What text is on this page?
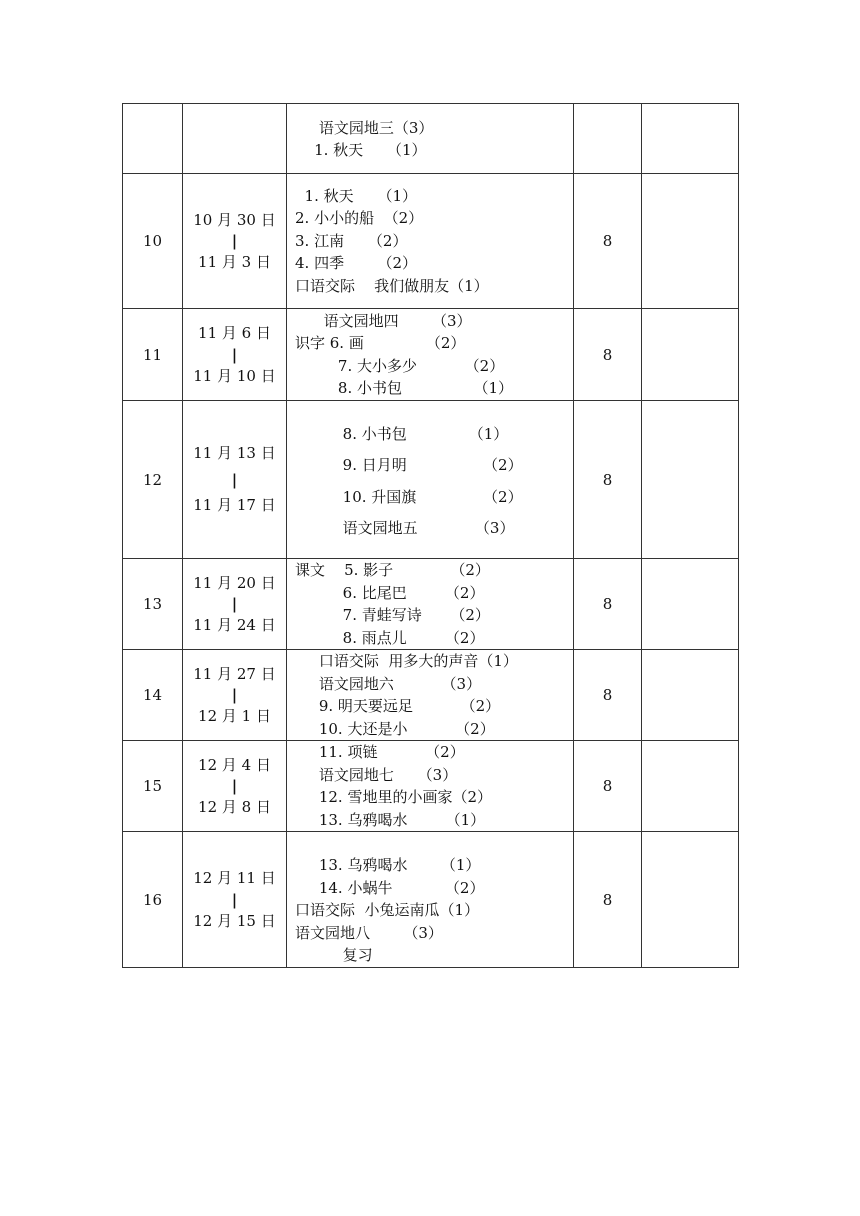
		语文园地三（3）
1. 秋天     （1）		

10	10 月 30 日
|
11 月 3 日	1. 秋天     （1）
2. 小小的船  （2）
3. 江南     （2）
4. 四季       （2）
口语交际    我们做朋友（1）	8	
11	11 月 6 日
|
11 月 10 日	语文园地四       （3）
识字 6. 画             （2）
7. 大小多少          （2）
8. 小书包               （1）	8	
12	11 月 13 日
|
11 月 17 日	8. 小书包             （1）
9. 日月明                （2）
10. 升国旗              （2）
语文园地五            （3）	8	
13	11 月 20 日
|
11 月 24 日	课文    5. 影子            （2）
6. 比尾巴        （2）
7. 青蛙写诗      （2）
8. 雨点儿        （2）	8	
14	11 月 27 日
|
12 月 1 日	口语交际  用多大的声音（1）
语文园地六          （3）
9. 明天要远足          （2）
10. 大还是小          （2）	8	
15	12 月 4 日
|
12 月 8 日	11. 项链          （2）
语文园地七     （3）
12. 雪地里的小画家（2）
13. 乌鸦喝水        （1）	8	
16	12 月 11 日
|
12 月 15 日	13. 乌鸦喝水       （1）
14. 小蜗牛           （2）
口语交际  小兔运南瓜（1）
语文园地八       （3）
复习	8	
